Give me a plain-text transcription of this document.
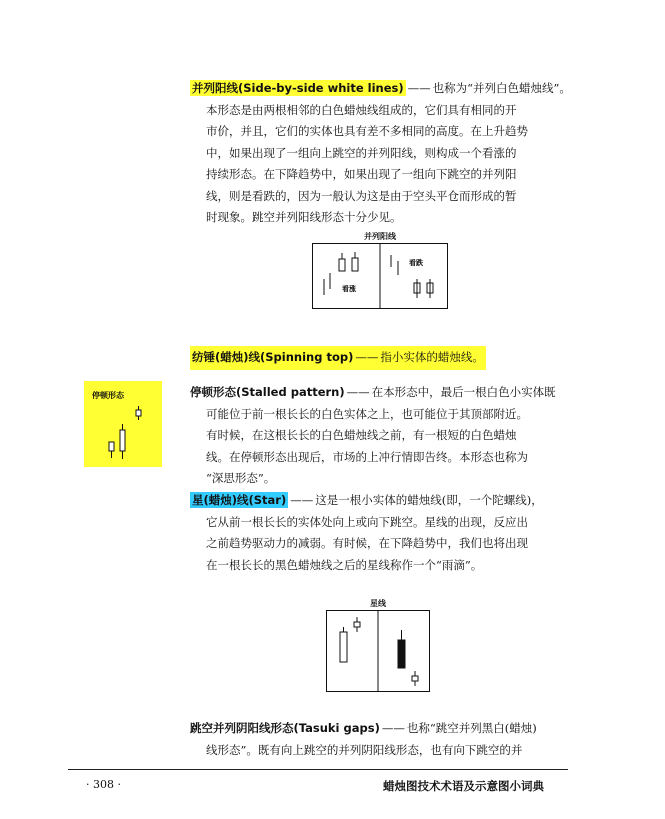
并列阳线(Side-by-side white lines) —— 也称为“并列白色蜡烛线”。
本形态是由两根相邻的白色蜡烛线组成的，它们具有相同的开
市价，并且，它们的实体也具有差不多相同的高度。在上升趋势
中，如果出现了一组向上跳空的并列阳线，则构成一个看涨的
持续形态。在下降趋势中，如果出现了一组向下跳空的并列阳
线，则是看跌的，因为一般认为这是由于空头平仓而形成的暂
时现象。跳空并列阳线形态十分少见。
并列阳线
看涨
看跌
纺锤(蜡烛)线(Spinning top) —— 指小实体的蜡烛线。
停顿形态	停顿形态(Stalled pattern) —— 在本形态中，最后一根白色小实体既
可能位于前一根长长的白色实体之上，也可能位于其顶部附近。
有时候，在这根长长的白色蜡烛线之前，有一根短的白色蜡烛
线。在停顿形态出现后，市场的上冲行情即告终。本形态也称为
“深思形态”。
星(蜡烛)线(Star) —— 这是一根小实体的蜡烛线(即，一个陀螺线)，
它从前一根长长的实体处向上或向下跳空。星线的出现，反应出
之前趋势驱动力的减弱。有时候，在下降趋势中，我们也将出现
在一根长长的黑色蜡烛线之后的星线称作一个“雨滴”。
星线
跳空并列阴阳线形态(Tasuki gaps) —— 也称“跳空并列黑白(蜡烛)
线形态”。既有向上跳空的并列阴阳线形态，也有向下跳空的并
· 308 ·	蜡烛图技术术语及示意图小词典
